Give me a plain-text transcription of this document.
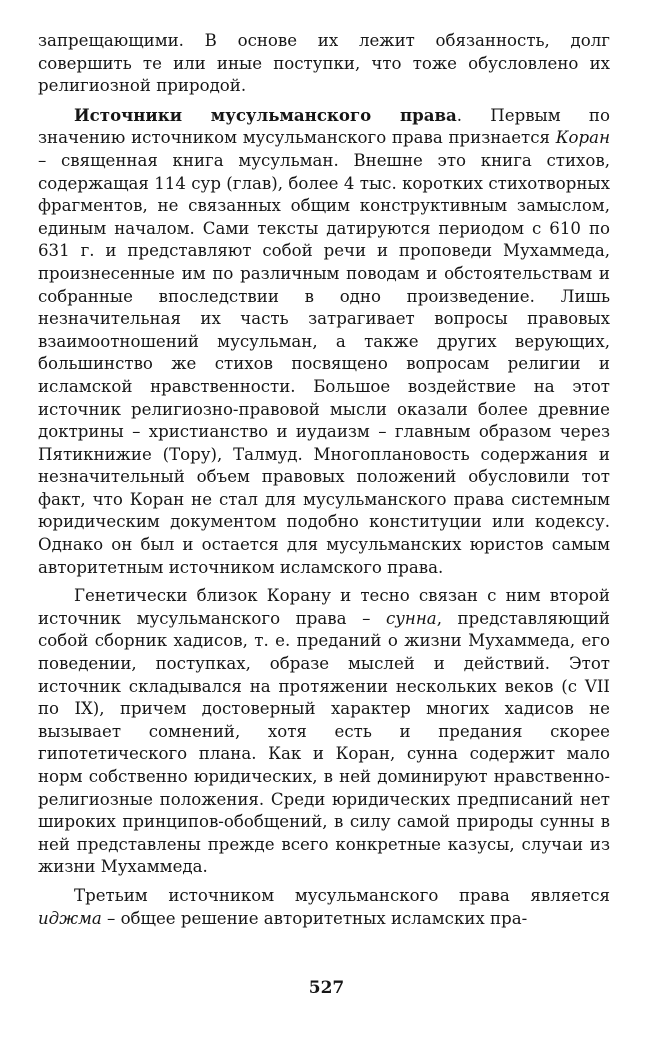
запрещающими. В основе их лежит обязанность, долг совершить те или иные поступки, что тоже обусловлено их религиозной природой.

Источники мусульманского права. Первым по значению источником мусульманского права признается Коран – священная книга мусульман. Внешне это книга стихов, содержащая 114 сур (глав), более 4 тыс. коротких стихотворных фрагментов, не связанных общим конструктивным замыслом, единым началом. Сами тексты датируются периодом с 610 по 631 г. и представляют собой речи и проповеди Мухаммеда, произнесенные им по различным поводам и обстоятельствам и собранные впоследствии в одно произведение. Лишь незначительная их часть затрагивает вопросы правовых взаимоотношений мусульман, а также других верующих, большинство же стихов посвящено вопросам религии и исламской нравственности. Большое воздействие на этот источник религиозно-правовой мысли оказали более древние доктрины – христианство и иудаизм – главным образом через Пятикнижие (Тору), Талмуд. Многоплановость содержания и незначительный объем правовых положений обусловили тот факт, что Коран не стал для мусульманского права системным юридическим документом подобно конституции или кодексу. Однако он был и остается для мусульманских юристов самым авторитетным источником исламского права.

Генетически близок Корану и тесно связан с ним второй источник мусульманского права – сунна, представляющий собой сборник хадисов, т. е. преданий о жизни Мухаммеда, его поведении, поступках, образе мыслей и действий. Этот источник складывался на протяжении нескольких веков (с VII по IX), причем достоверный характер многих хадисов не вызывает сомнений, хотя есть и предания скорее гипотетического плана. Как и Коран, сунна содержит мало норм собственно юридических, в ней доминируют нравственно-религиозные положения. Среди юридических предписаний нет широких принципов-обобщений, в силу самой природы сунны в ней представлены прежде всего конкретные казусы, случаи из жизни Мухаммеда.

Третьим источником мусульманского права является иджма – общее решение авторитетных исламских пра-

527
